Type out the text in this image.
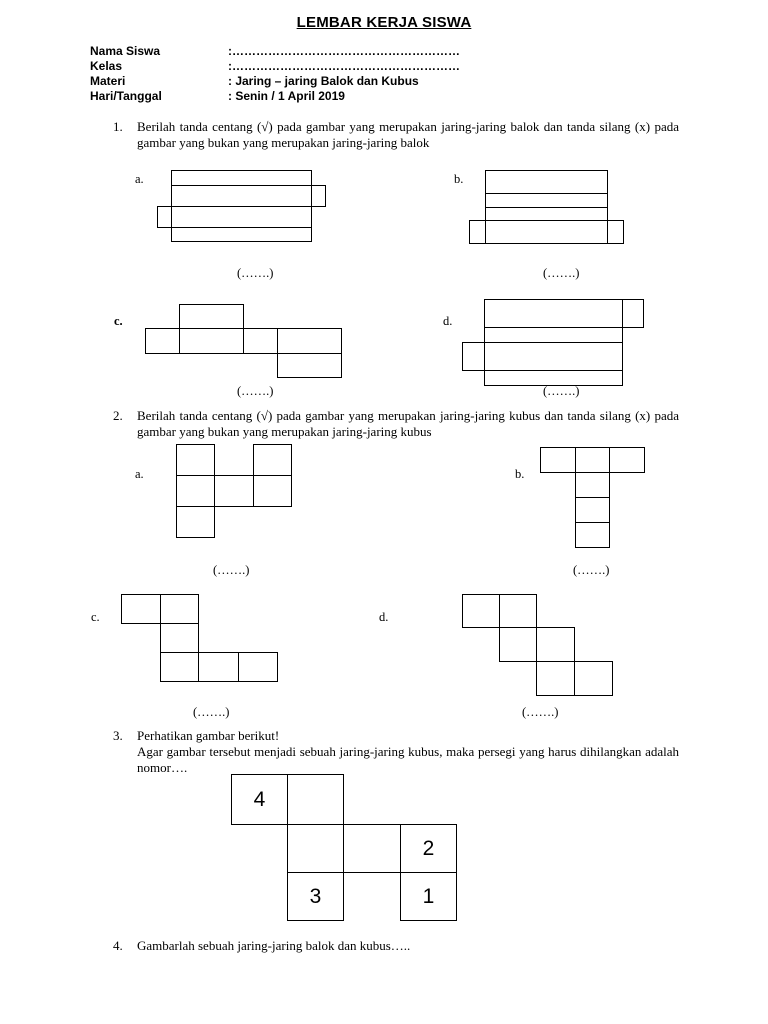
LEMBAR KERJA SISWA
Nama Siswa	:…………………………………………………
Kelas	:…………………………………………………
Materi	: Jaring – jaring Balok dan Kubus
Hari/Tanggal	: Senin / 1 April 2019
1. Berilah tanda centang (√) pada gambar yang merupakan jaring-jaring balok dan tanda silang (x) pada gambar yang bukan yang merupakan jaring-jaring balok
a.
(…….)
b.
(…….)
c.
(…….)
d.
(…….)
2. Berilah tanda centang (√) pada gambar yang merupakan jaring-jaring kubus dan tanda silang (x) pada gambar yang bukan yang merupakan jaring-jaring kubus
a.
(…….)
b.
(…….)
c.
(…….)
d.
(…….)
3. Perhatikan gambar berikut!
Agar gambar tersebut menjadi sebuah jaring-jaring kubus, maka persegi yang harus dihilangkan adalah nomor….
4
2
3	1
4. Gambarlah sebuah jaring-jaring balok dan kubus…..
